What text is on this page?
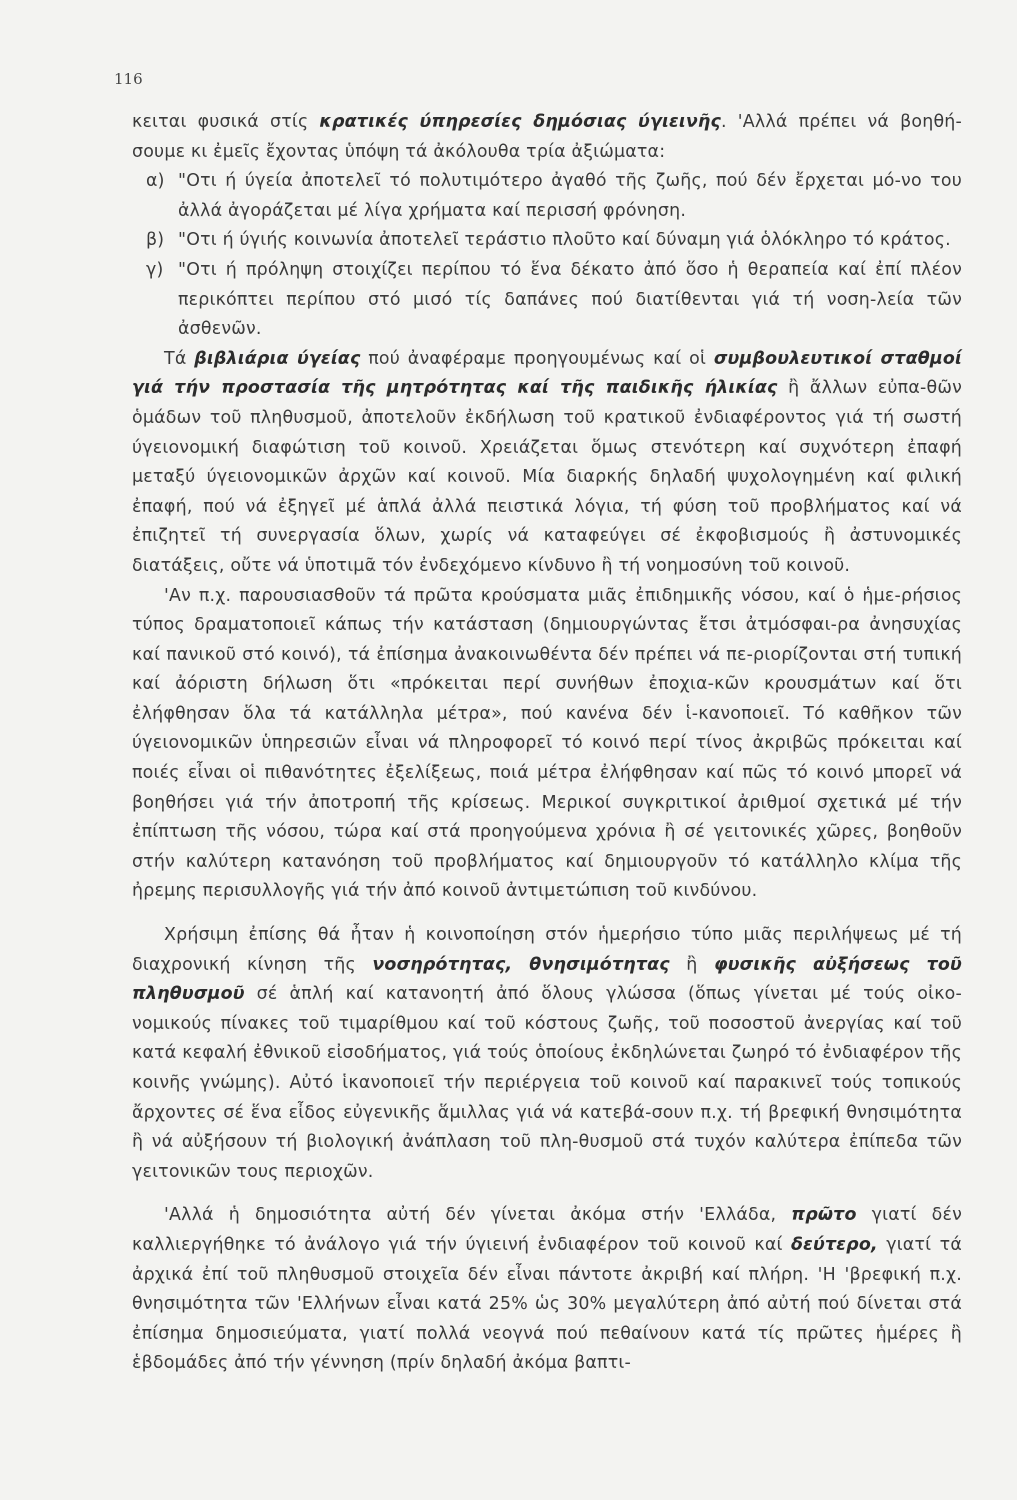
116

κειται φυσικά στίς κρατικές ύπηρεσίες δημόσιας ύγιεινῆς. 'Αλλά πρέπει νά βοηθή-σουμε κι ἐμεῖς ἔχοντας ὑπόψη τά ἀκόλουθα τρία ἀξιώματα:

α) "Οτι ή ύγεία ἀποτελεῖ τό πολυτιμότερο ἀγαθό τῆς ζωῆς, πού δέν ἔρχεται μό-νο του ἀλλά ἀγοράζεται μέ λίγα χρήματα καί περισσή φρόνηση.
β) "Οτι ή ύγιής κοινωνία ἀποτελεῖ τεράστιο πλοῦτο καί δύναμη γιά ὁλόκληρο τό κράτος.
γ) "Οτι ή πρόληψη στοιχίζει περίπου τό ἕνα δέκατο ἀπό ὅσο ἡ θεραπεία καί ἐπί πλέον περικόπτει περίπου στό μισό τίς δαπάνες πού διατίθενται γιά τή νοση-λεία τῶν ἀσθενῶν.

Τά βιβλιάρια ύγείας πού ἀναφέραμε προηγουμένως καί οἱ συμβουλευτικοί σταθμοί γιά τήν προστασία τῆς μητρότητας καί τῆς παιδικῆς ήλικίας ἢ ἄλλων εὐπα-θῶν ὁμάδων τοῦ πληθυσμοῦ, ἀποτελοῦν ἐκδήλωση τοῦ κρατικοῦ ἐνδιαφέροντος γιά τή σωστή ύγειονομική διαφώτιση τοῦ κοινοῦ. Χρειάζεται ὅμως στενότερη καί συχνότερη ἐπαφή μεταξύ ύγειονομικῶν ἀρχῶν καί κοινοῦ. Μία διαρκής δηλαδή ψυχολογημένη καί φιλική ἐπαφή, πού νά ἐξηγεῖ μέ ἁπλά ἀλλά πειστικά λόγια, τή φύση τοῦ προβλήματος καί νά ἐπιζητεῖ τή συνεργασία ὅλων, χωρίς νά καταφεύγει σέ ἐκφοβισμούς ἢ ἀστυνομικές διατάξεις, οὔτε νά ὑποτιμᾶ τόν ἐνδεχόμενο κίνδυνο ἢ τή νοημοσύνη τοῦ κοινοῦ.

'Αν π.χ. παρουσιασθοῦν τά πρῶτα κρούσματα μιᾶς ἐπιδημικῆς νόσου, καί ὁ ἡμε-ρήσιος τύπος δραματοποιεῖ κάπως τήν κατάσταση (δημιουργώντας ἔτσι ἀτμόσφαι-ρα ἀνησυχίας καί πανικοῦ στό κοινό), τά ἐπίσημα ἀνακοινωθέντα δέν πρέπει νά πε-ριορίζονται στή τυπική καί ἀόριστη δήλωση ὅτι «πρόκειται περί συνήθων ἐποχια-κῶν κρουσμάτων καί ὅτι ἐλήφθησαν ὅλα τά κατάλληλα μέτρα», πού κανένα δέν ἱ-κανοποιεῖ. Τό καθῆκον τῶν ύγειονομικῶν ὑπηρεσιῶν εἶναι νά πληροφορεῖ τό κοινό περί τίνος ἀκριβῶς πρόκειται καί ποιές εἶναι οἱ πιθανότητες ἐξελίξεως, ποιά μέτρα ἐλήφθησαν καί πῶς τό κοινό μπορεῖ νά βοηθήσει γιά τήν ἀποτροπή τῆς κρίσεως. Μερικοί συγκριτικοί ἀριθμοί σχετικά μέ τήν ἐπίπτωση τῆς νόσου, τώρα καί στά προηγούμενα χρόνια ἢ σέ γειτονικές χῶρες, βοηθοῦν στήν καλύτερη κατανόηση τοῦ προβλήματος καί δημιουργοῦν τό κατάλληλο κλίμα τῆς ἠρεμης περισυλλογῆς γιά τήν ἀπό κοινοῦ ἀντιμετώπιση τοῦ κινδύνου.

Χρήσιμη ἐπίσης θά ἦταν ἡ κοινοποίηση στόν ἡμερήσιο τύπο μιᾶς περιλήψεως μέ τή διαχρονική κίνηση τῆς νοσηρότητας, θνησιμότητας ἢ φυσικῆς αὐξήσεως τοῦ πληθυσμοῦ σέ ἁπλή καί κατανοητή ἀπό ὅλους γλώσσα (ὅπως γίνεται μέ τούς οἰκο-νομικούς πίνακες τοῦ τιμαρίθμου καί τοῦ κόστους ζωῆς, τοῦ ποσοστοῦ ἀνεργίας καί τοῦ κατά κεφαλή ἐθνικοῦ εἰσοδήματος, γιά τούς ὁποίους ἐκδηλώνεται ζωηρό τό ἐνδιαφέρον τῆς κοινῆς γνώμης). Αὐτό ἱκανοποιεῖ τήν περιέργεια τοῦ κοινοῦ καί παρακινεῖ τούς τοπικούς ἄρχοντες σέ ἕνα εἶδος εὐγενικῆς ἅμιλλας γιά νά κατεβά-σουν π.χ. τή βρεφική θνησιμότητα ἢ νά αὐξήσουν τή βιολογική ἀνάπλαση τοῦ πλη-θυσμοῦ στά τυχόν καλύτερα ἐπίπεδα τῶν γειτονικῶν τους περιοχῶν.

'Αλλά ἡ δημοσιότητα αὐτή δέν γίνεται ἀκόμα στήν 'Ελλάδα, πρῶτο γιατί δέν καλλιεργήθηκε τό ἀνάλογο γιά τήν ύγιεινή ἐνδιαφέρον τοῦ κοινοῦ καί δεύτερο, γιατί τά ἀρχικά ἐπί τοῦ πληθυσμοῦ στοιχεῖα δέν εἶναι πάντοτε ἀκριβή καί πλήρη. 'Η 'βρεφική π.χ. θνησιμότητα τῶν 'Ελλήνων εἶναι κατά 25% ὡς 30% μεγαλύτερη ἀπό αὐτή πού δίνεται στά ἐπίσημα δημοσιεύματα, γιατί πολλά νεογνά πού πεθαίνουν κατά τίς πρῶτες ἡμέρες ἢ ἑβδομάδες ἀπό τήν γέννηση (πρίν δηλαδή ἀκόμα βαπτι-
